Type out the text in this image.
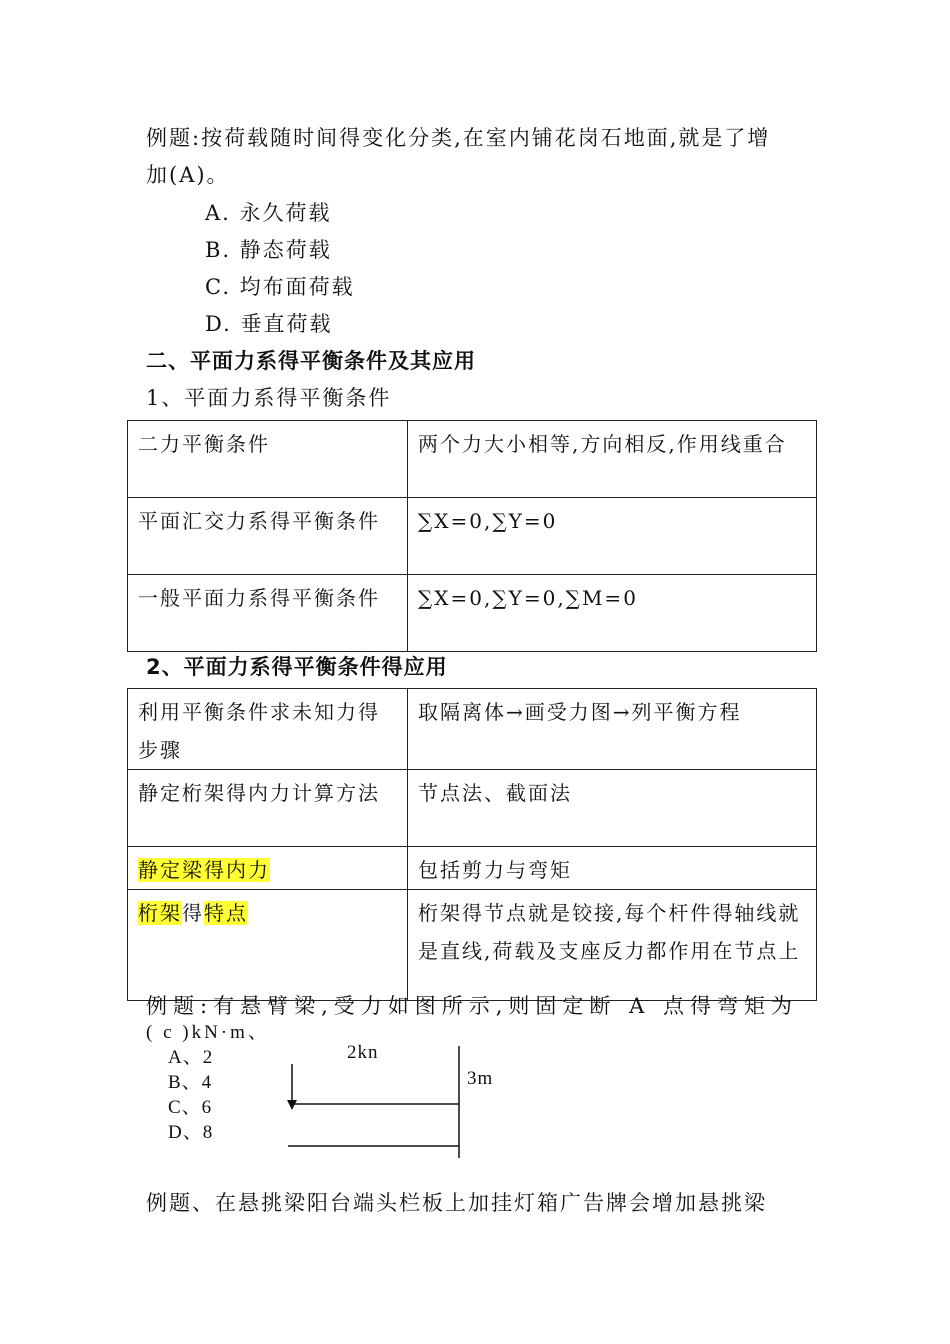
例题:按荷载随时间得变化分类,在室内铺花岗石地面,就是了增
加(A)。
A. 永久荷载
B. 静态荷载
C. 均布面荷载
D. 垂直荷载
二、平面力系得平衡条件及其应用
1、平面力系得平衡条件
二力平衡条件	两个力大小相等,方向相反,作用线重合
平面汇交力系得平衡条件	∑X=0,∑Y=0
一般平面力系得平衡条件	∑X=0,∑Y=0,∑M=0
2、平面力系得平衡条件得应用
利用平衡条件求未知力得步骤	取隔离体→画受力图→列平衡方程
静定桁架得内力计算方法	节点法、截面法
静定梁得内力	包括剪力与弯矩
桁架得特点	桁架得节点就是铰接,每个杆件得轴线就是直线,荷载及支座反力都作用在节点上
例题:有悬臂梁,受力如图所示,则固定断 A 点得弯矩为
( c )kN·m、
A、2
B、4
C、6
D、8
2kn
3m
例题、在悬挑梁阳台端头栏板上加挂灯箱广告牌会增加悬挑梁
